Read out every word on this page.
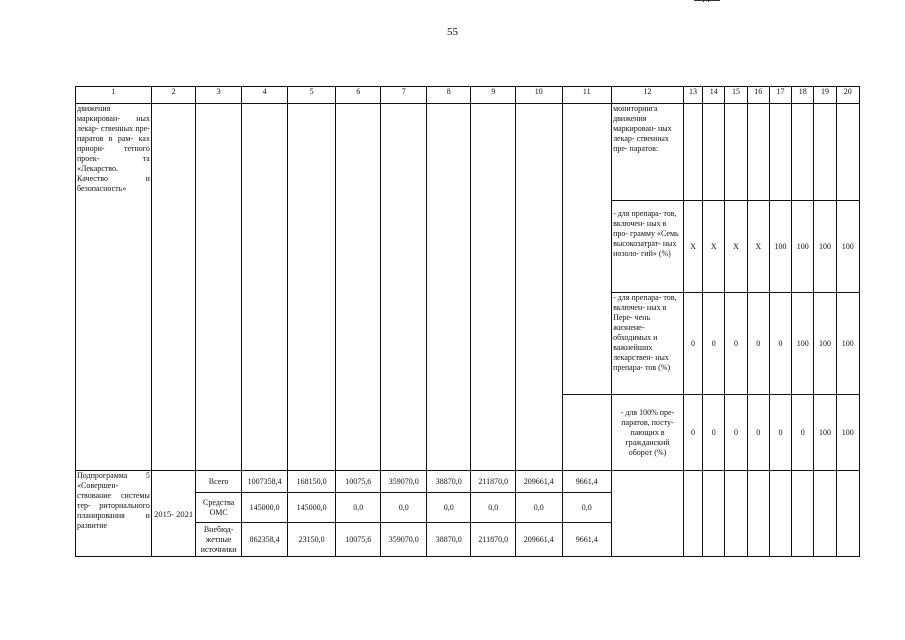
55
1	2	3	4	5	6	7	8	9	10	11	12	13	14	15	16	17	18	19	20
движения маркирован- ных лекар- ственных пре- паратов в рам- ках приори- тетного проек- та «Лекарство. Качество и безопасность»											мониторинга движения маркирован- ных лекар- ственных пре- паратов:								
											- для препара- тов, включен- ных в про- грамму «Семь высокозатрат- ных нозоло- гий» (%)	X	X	X	X	100	100	100	100
											- для препара- тов, включен- ных в Пере- чень жизнене- обходимых и важнейших лекарствен- ных препара- тов (%)	0	0	0	0	0	100	100	100
											- для 100% пре- паратов, посту- пающих в гражданский оборот (%)	0	0	0	0	0	0	100	100
Подпрограмма 5 «Совершен- ствование системы тер- риториального планирования и развитие	2015- 2021	Всего	1007358,4	168150,0	10075,6	359070,0	38870,0	211870,0	209661,4	9661,4									
		Средства ОМС	145000,0	145000,0	0,0	0,0	0,0	0,0	0,0	0,0									
		Внебюд- жетные источники	862358,4	23150,0	10075,6	359070,0	38870,0	211870,0	209661,4	9661,4									
